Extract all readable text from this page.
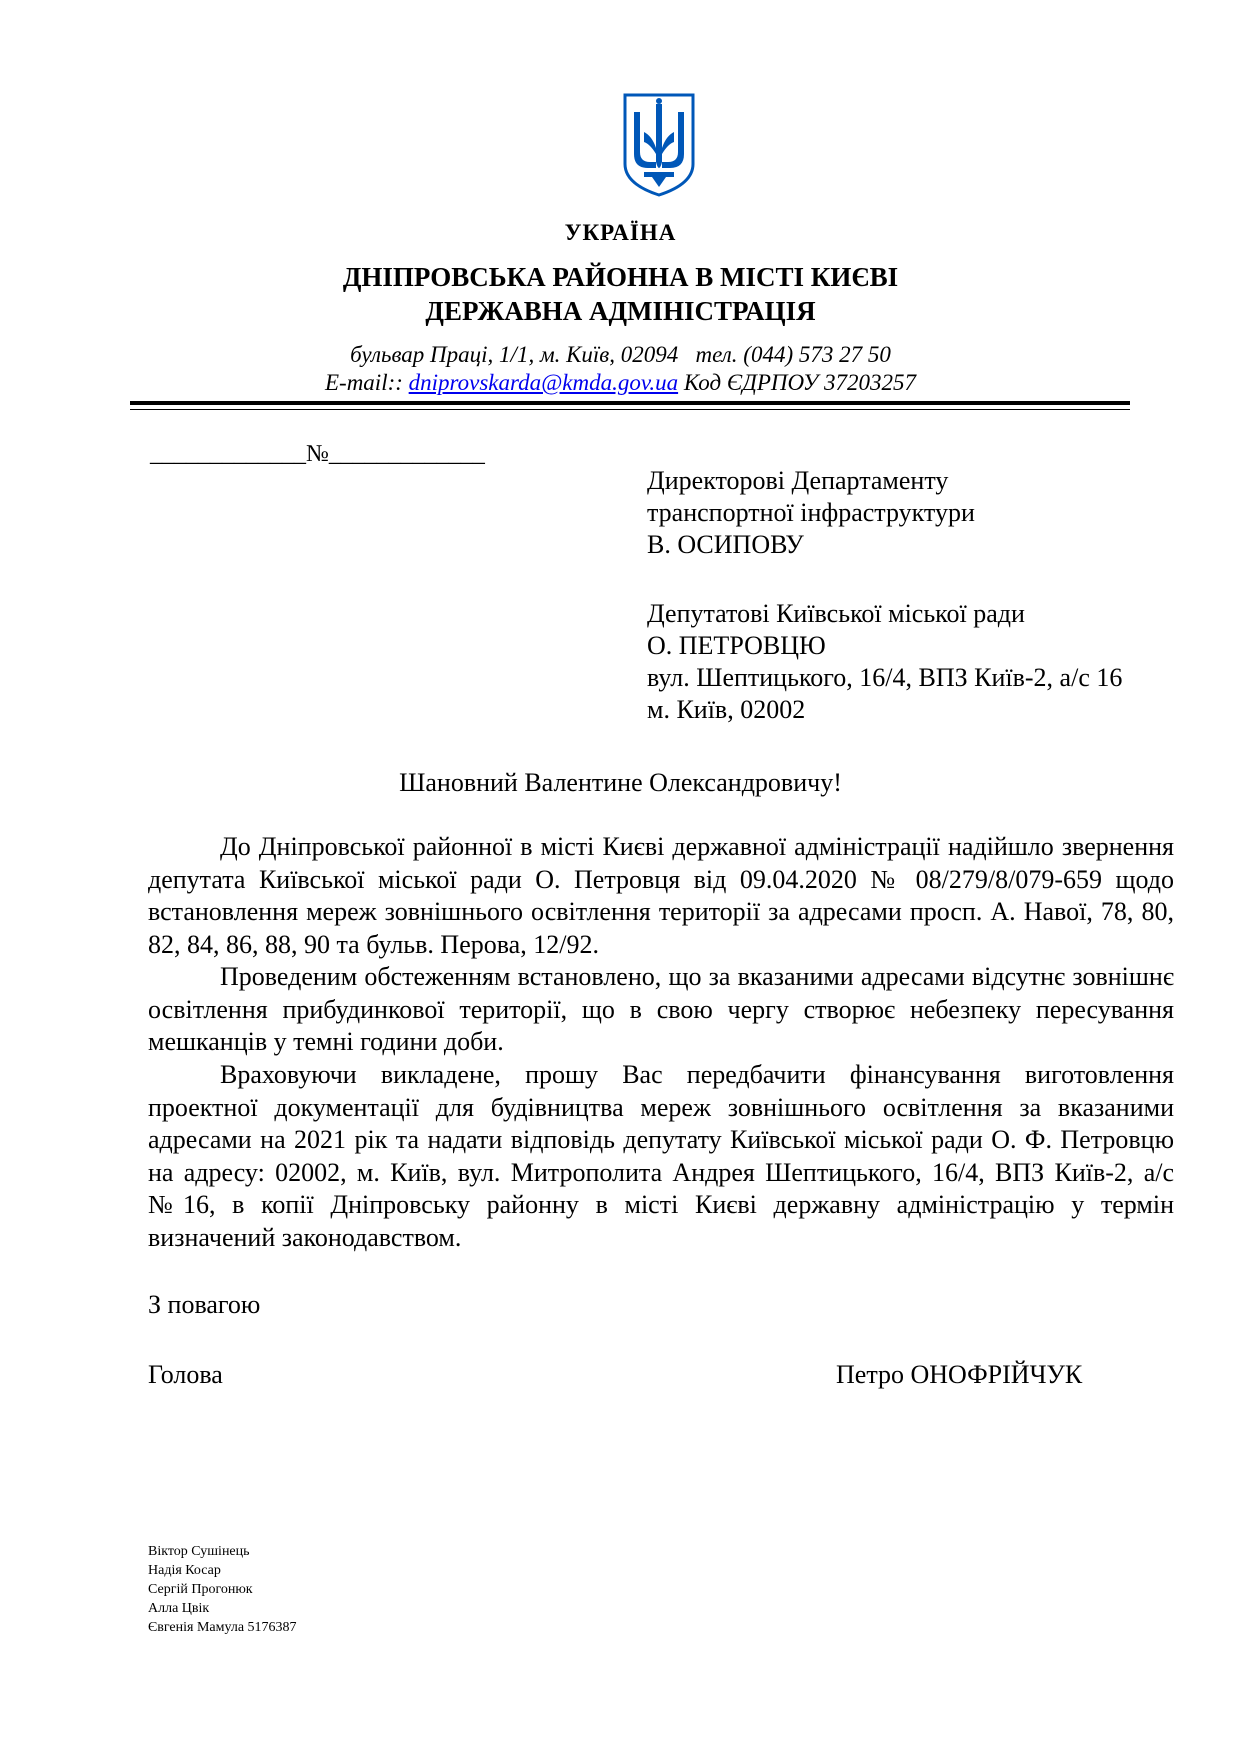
УКРАЇНА
ДНІПРОВСЬКА РАЙОННА В МІСТІ КИЄВІ
ДЕРЖАВНА АДМІНІСТРАЦІЯ
бульвар Праці, 1/1, м. Київ, 02094   тел. (044) 573 27 50
E-mail:: dniprovskarda@kmda.gov.ua Код ЄДРПОУ 37203257
_____________№_____________
Директорові Департаменту
транспортної інфраструктури
В. ОСИПОВУ
Депутатові Київської міської ради
О. ПЕТРОВЦЮ
вул. Шептицького, 16/4, ВПЗ Київ-2, а/с 16
м. Київ, 02002
Шановний Валентине Олександровичу!

До Дніпровської районної в місті Києві державної адміністрації надійшло звернення депутата Київської міської ради О. Петровця від 09.04.2020 № 08/279/8/079-659 щодо встановлення мереж зовнішнього освітлення території за адресами просп. А. Навої, 78, 80, 82, 84, 86, 88, 90 та бульв. Перова, 12/92.

Проведеним обстеженням встановлено, що за вказаними адресами відсутнє зовнішнє освітлення прибудинкової території, що в свою чергу створює небезпеку пересування мешканців у темні години доби.

Враховуючи викладене, прошу Вас передбачити фінансування виготовлення проектної документації для будівництва мереж зовнішнього освітлення за вказаними адресами на 2021 рік та надати відповідь депутату Київської міської ради О. Ф. Петровцю на адресу: 02002, м. Київ, вул. Митрополита Андрея Шептицького, 16/4, ВПЗ Київ-2, а/с №16, в копії Дніпровську районну в місті Києві державну адміністрацію у термін визначений законодавством.

З повагою
Голова	Петро ОНОФРІЙЧУК
Віктор Сушінець
Надія Косар
Сергій Прогонюк
Алла Цвік
Євгенія Мамула 5176387
